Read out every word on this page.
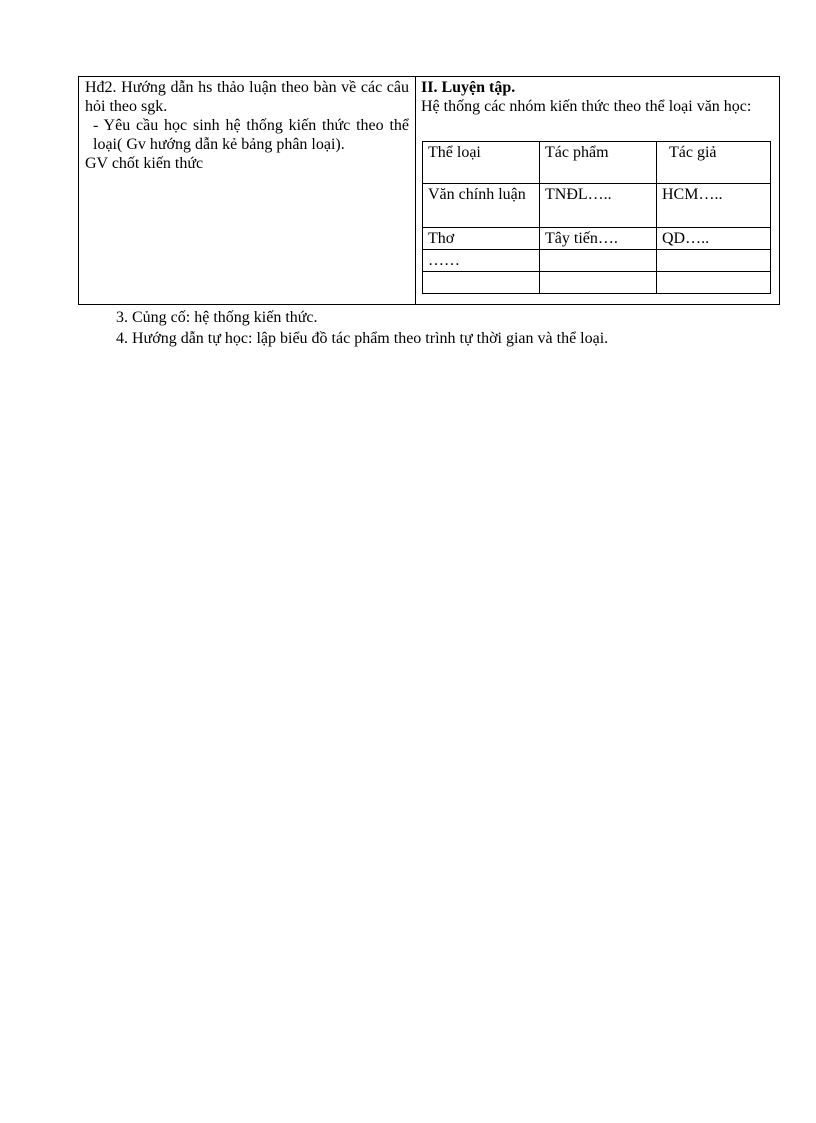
Hđ2. Hướng dẫn hs thảo luận theo bàn về các câu hỏi theo sgk.

- Yêu cầu học sinh hệ thống kiến thức theo thể loại( Gv hướng dẫn kẻ bảng phân loại).

GV chốt kiến thức

II. Luyện tập.

Hệ thống các nhóm kiến thức theo thể loại văn học:

Thể loại	Tác phẩm	Tác giả
Văn chính luận	TNĐL…..	HCM…..
Thơ	Tây tiến….	QD…..
……		

3. Củng cố: hệ thống kiến thức.

4. Hướng dẫn tự học: lập biểu đồ tác phẩm theo trình tự thời gian và thể loại.
